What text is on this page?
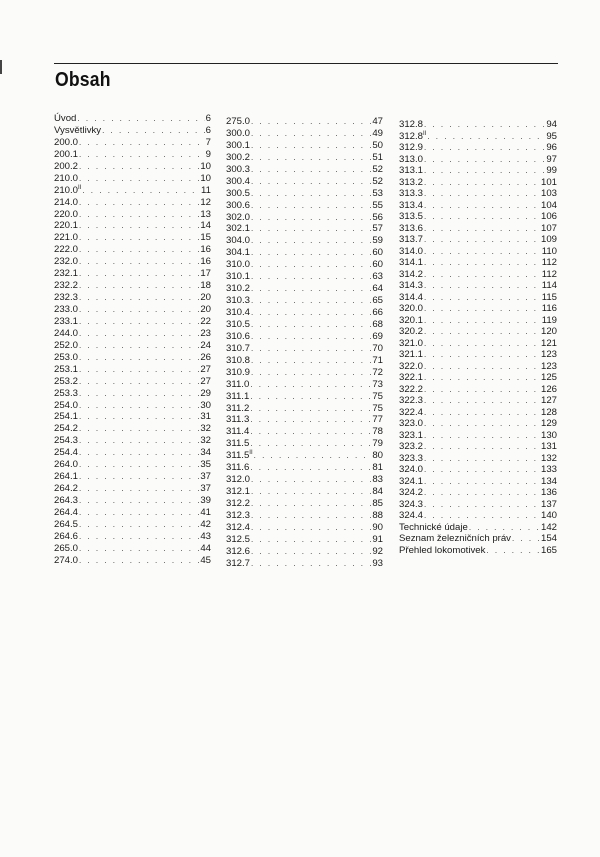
Obsah
Úvod . . .	6
Vysvětlivky . . .	6
200.0 . . .	7
200.1 . . .	9
200.2 . . .	10
210.0 . . .	10
$210.0^{II}$ . . .	11
214.0 . . .	12
220.0 . . .	13
220.1 . . .	14
221.0 . . .	15
222.0 . . .	16
232.0 . . .	16
232.1 . . .	17
232.2 . . .	18
232.3 . . .	20
233.0 . . .	20
233.1 . . .	22
244.0 . . .	23
252.0 . . .	24
253.0 . . .	26
253.1 . . .	27
253.2 . . .	27
253.3 . . .	29
254.0 . . .	30
254.1 . . .	31
254.2 . . .	32
254.3 . . .	32
254.4 . . .	34
264.0 . . .	35
264.1 . . .	37
264.2 . . .	37
264.3 . . .	39
264.4 . . .	41
264.5 . . .	42
264.6 . . .	43
265.0 . . .	44
274.0 . . .	45
275.0 . . .	47
300.0 . . .	49
300.1 . . .	50
300.2 . . .	51
300.3 . . .	52
300.4 . . .	52
300.5 . . .	53
300.6 . . .	55
302.0 . . .	56
302.1 . . .	57
304.0 . . .	59
304.1 . . .	60
310.0 . . .	60
310.1 . . .	63
310.2 . . .	64
310.3 . . .	65
310.4 . . .	66
310.5 . . .	68
310.6 . . .	69
310.7 . . .	70
310.8 . . .	71
310.9 . . .	72
311.0 . . .	73
311.1 . . .	75
311.2 . . .	75
311.3 . . .	77
311.4 . . .	78
311.5 . . .	79
$311.5^{II}$ . . .	80
311.6 . . .	81
312.0 . . .	83
312.1 . . .	84
312.2 . . .	85
312.3 . . .	88
312.4 . . .	90
312.5 . . .	91
312.6 . . .	92
312.7 . . .	93
312.8 . . .	94
$312.8^{II}$ . . .	95
312.9 . . .	96
313.0 . . .	97
313.1 . . .	99
313.2 . . .	101
313.3 . . .	103
313.4 . . .	104
313.5 . . .	106
313.6 . . .	107
313.7 . . .	109
314.0 . . .	110
314.1 . . .	112
314.2 . . .	112
314.3 . . .	114
314.4 . . .	115
320.0 . . .	116
320.1 . . .	119
320.2 . . .	120
321.0 . . .	121
321.1 . . .	123
322.0 . . .	123
322.1 . . .	125
322.2 . . .	126
322.3 . . .	127
322.4 . . .	128
323.0 . . .	129
323.1 . . .	130
323.2 . . .	131
323.3 . . .	132
324.0 . . .	133
324.1 . . .	134
324.2 . . .	136
324.3 . . .	137
324.4 . . .	140
Technické údaje . . .	142
Seznam železničních práv . . .	154
Přehled lokomotivek . . .	165
